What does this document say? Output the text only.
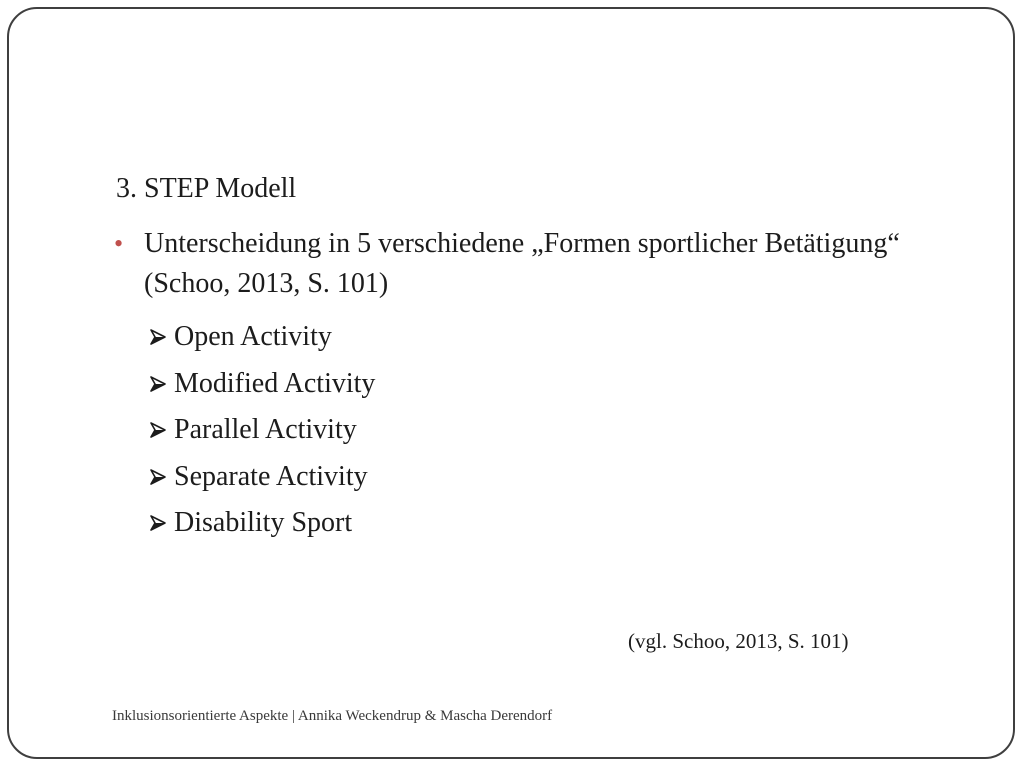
3. STEP Modell
• Unterscheidung in 5 verschiedene „Formen sportlicher Betätigung“ (Schoo, 2013, S. 101)
Open Activity
Modified Activity
Parallel Activity
Separate Activity
Disability Sport
(vgl. Schoo, 2013, S. 101)
Inklusionsorientierte Aspekte | Annika Weckendrup & Mascha Derendorf
